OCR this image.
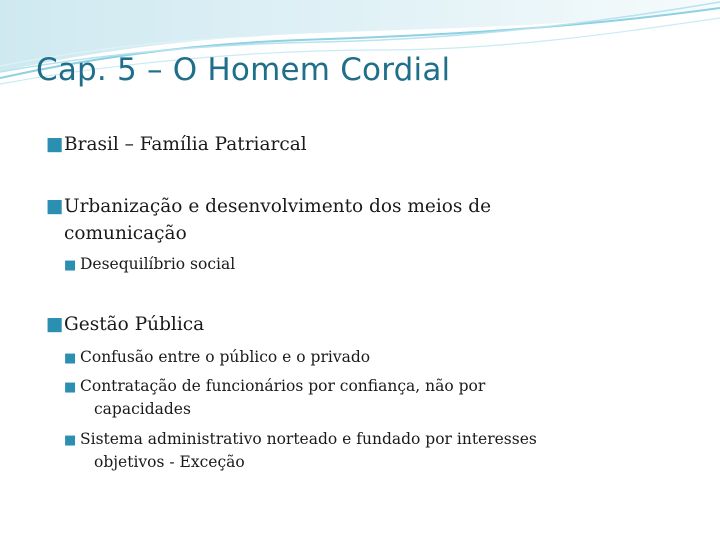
Cap. 5 – O Homem Cordial
■Brasil – Família Patriarcal
■Urbanização e desenvolvimento dos meios de
comunicação
■ Desequilíbrio social
■Gestão Pública
■ Confusão entre o público e o privado
■ Contratação de funcionários por confiança, não por
capacidades
■ Sistema administrativo norteado e fundado por interesses
objetivos - Exceção
